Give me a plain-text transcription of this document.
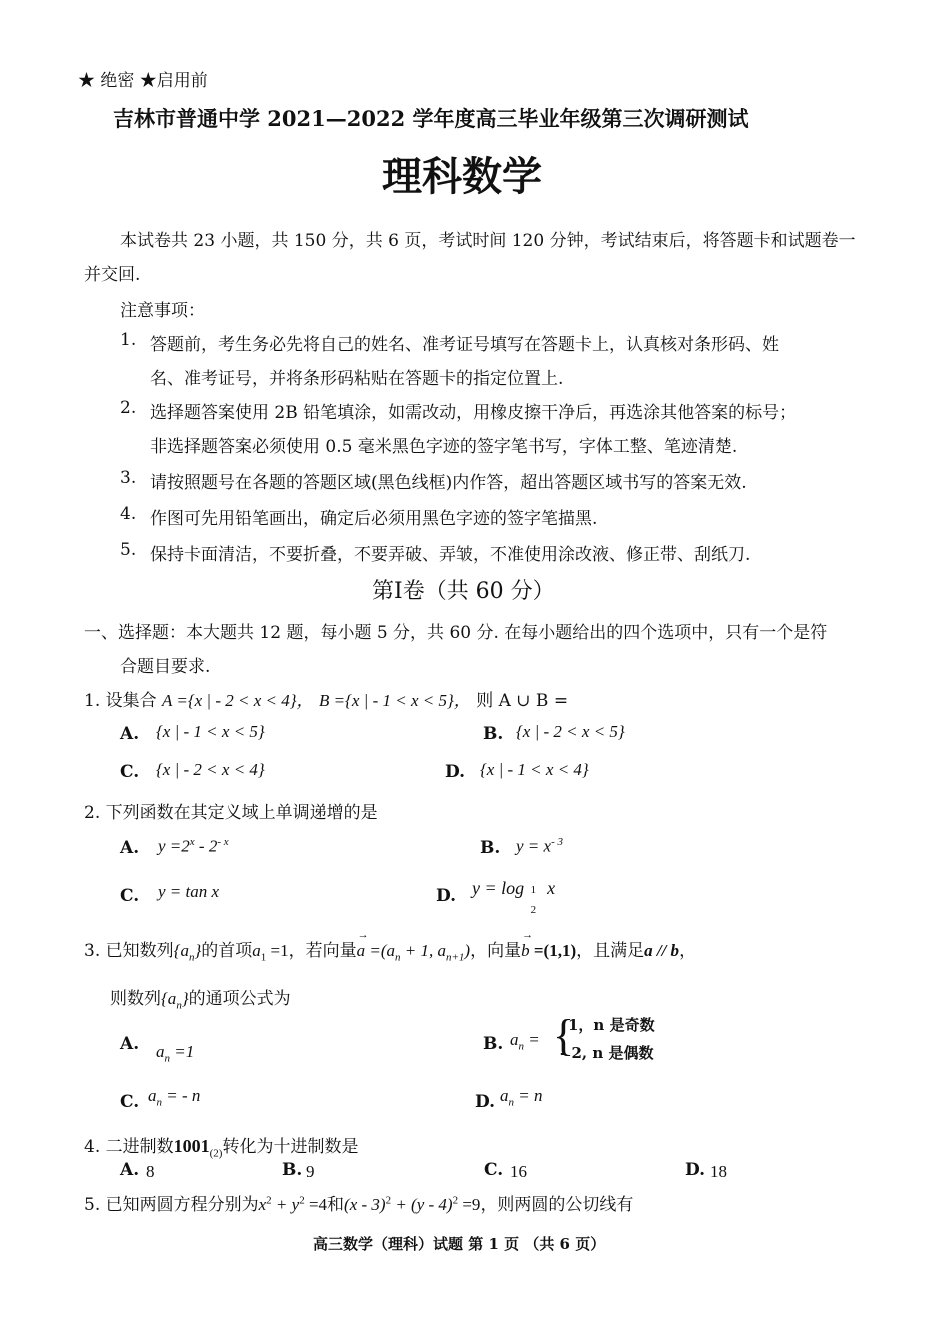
★ 绝密 ★启用前
吉林市普通中学 2021—2022 学年度高三毕业年级第三次调研测试
理科数学
本试卷共 23 小题，共 150 分，共 6 页，考试时间 120 分钟，考试结束后，将答题卡和试题卷一
并交回.
注意事项：
1. 答题前，考生务必先将自己的姓名、准考证号填写在答题卡上，认真核对条形码、姓
名、准考证号，并将条形码粘贴在答题卡的指定位置上.
2. 选择题答案使用 2B 铅笔填涂，如需改动，用橡皮擦干净后，再选涂其他答案的标号；
非选择题答案必须使用 0.5 毫米黑色字迹的签字笔书写，字体工整、笔迹清楚.
3. 请按照题号在各题的答题区域(黑色线框)内作答，超出答题区域书写的答案无效.
4. 作图可先用铅笔画出，确定后必须用黑色字迹的签字笔描黑.
5. 保持卡面清洁，不要折叠，不要弄破、弄皱，不准使用涂改液、修正带、刮纸刀.
第Ⅰ卷（共 60 分）
一、选择题：本大题共 12 题，每小题 5 分，共 60 分. 在每小题给出的四个选项中，只有一个是符
合题目要求.
1. 设集合 A ={x | - 2 < x < 4}， B ={x | - 1 < x < 5}， 则 A ∪ B =
A. {x | - 1 < x < 5}	B. {x | - 2 < x < 5}
C. {x | - 2 < x < 4}	D. {x | - 1 < x < 4}
2. 下列函数在其定义域上单调递增的是
A. $y =2^x - 2^{- x}$	B. $y = x^{- 3}$
C. y = tan x	D. y = log 1
2
x
3. 已知数列$\{a_n\}$的首项$a_1 =1$，若向量
→
$a =(a_n + 1$, $a_{n+1}$)，向量
→
b =(1,1)，且满足a // b，
则数列$\{a_n\}$的通项公式为
A. $a_n =1$	B. $a_n$ = {
1，n 是奇数
- 2, n 是偶数
C. $a_n$ = - n	D. $a_n = n$
4. 二进制数$1001_{(2)}$转化为十进制数是
A. 8	B. 9	C. 16	D. 18
5. 已知两圆方程分别为$x^2 + y^2 =4$和(x - 3)$^2$ + (y - 4)$^2$ =9，则两圆的公切线有
高三数学（理科）试题 第 1 页 （共 6 页）
